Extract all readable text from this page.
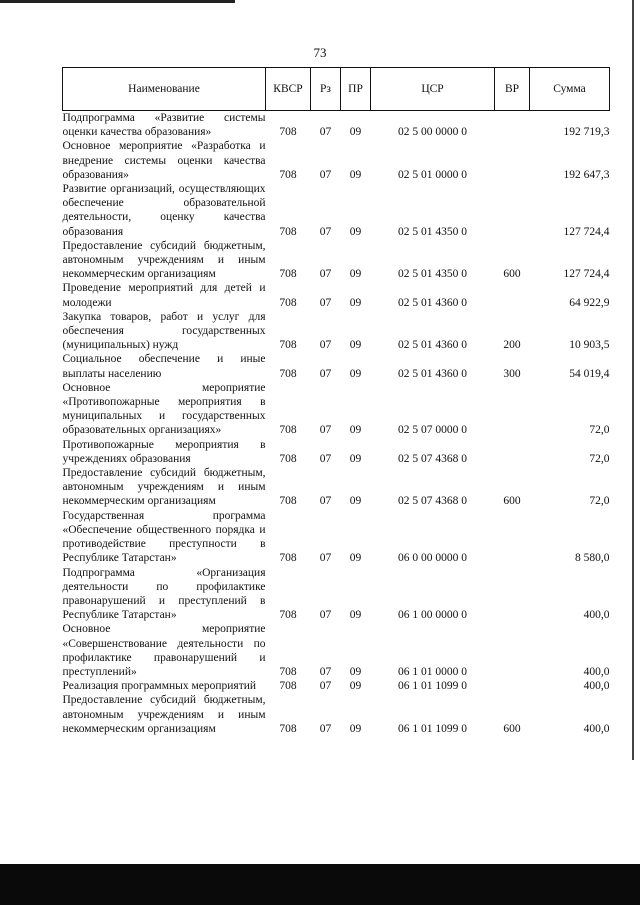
73
Наименование	КВСР	Рз	ПР	ЦСР	ВР	Сумма
Подпрограмма «Развитие системы оценки качества образования»	708	07	09	02 5 00 0000 0		192 719,3
Основное мероприятие «Разработка и внедрение системы оценки качества образования»	708	07	09	02 5 01 0000 0		192 647,3
Развитие организаций, осуществляющих обеспечение образовательной деятельности, оценку качества образования	708	07	09	02 5 01 4350 0		127 724,4
Предоставление субсидий бюджетным, автономным учреждениям и иным некоммерческим организациям	708	07	09	02 5 01 4350 0	600	127 724,4
Проведение мероприятий для детей и молодежи	708	07	09	02 5 01 4360 0		64 922,9
Закупка товаров, работ и услуг для обеспечения государственных (муниципальных) нужд	708	07	09	02 5 01 4360 0	200	10 903,5
Социальное обеспечение и иные выплаты населению	708	07	09	02 5 01 4360 0	300	54 019,4
Основное мероприятие «Противопожарные мероприятия в муниципальных и государственных образовательных организациях»	708	07	09	02 5 07 0000 0		72,0
Противопожарные мероприятия в учреждениях образования	708	07	09	02 5 07 4368 0		72,0
Предоставление субсидий бюджетным, автономным учреждениям и иным некоммерческим организациям	708	07	09	02 5 07 4368 0	600	72,0
Государственная программа «Обеспечение общественного порядка и противодействие преступности в Республике Татарстан»	708	07	09	06 0 00 0000 0		8 580,0
Подпрограмма «Организация деятельности по профилактике правонарушений и преступлений в Республике Татарстан»	708	07	09	06 1 00 0000 0		400,0
Основное мероприятие «Совершенствование деятельности по профилактике правонарушений и преступлений»	708	07	09	06 1 01 0000 0		400,0
Реализация программных мероприятий	708	07	09	06 1 01 1099 0		400,0
Предоставление субсидий бюджетным, автономным учреждениям и иным некоммерческим организациям	708	07	09	06 1 01 1099 0	600	400,0
